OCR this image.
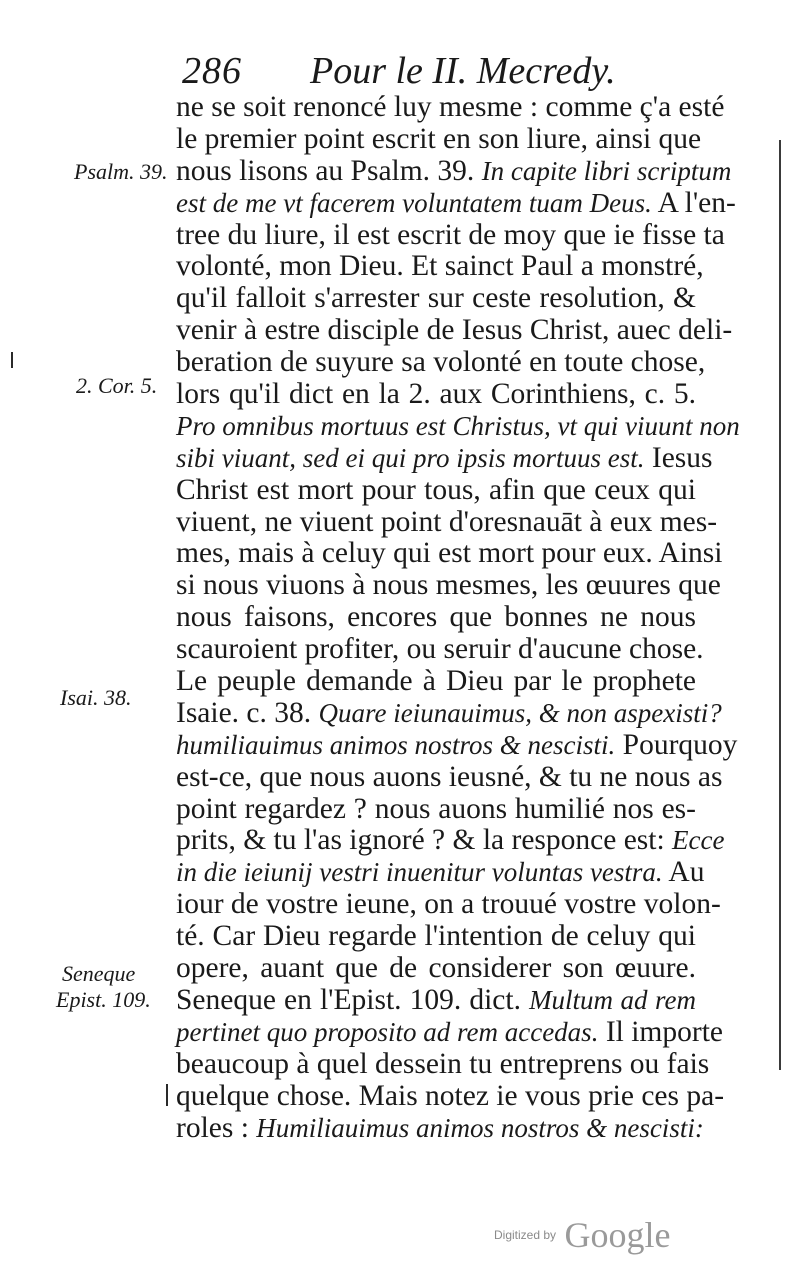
286 Pour le II. Mecredy.
ne se soit renoncé luy mesme : comme ç'a esté
le premier point escrit en son liure, ainsi que
nous lisons au Psalm. 39. In capite libri scriptum
est de me vt facerem voluntatem tuam Deus. A l'en-
tree du liure, il est escrit de moy que ie fisse ta
volonté, mon Dieu. Et sainct Paul a monstré,
qu'il falloit s'arrester sur ceste resolution, &
venir à estre disciple de Iesus Christ, auec deli-
beration de suyure sa volonté en toute chose,
lors qu'il dict en la 2. aux Corinthiens, c. 5.
Pro omnibus mortuus est Christus, vt qui viuunt non
sibi viuant, sed ei qui pro ipsis mortuus est. Iesus
Christ est mort pour tous, afin que ceux qui
viuent, ne viuent point d'oresnauāt à eux mes-
mes, mais à celuy qui est mort pour eux. Ainsi
si nous viuons à nous mesmes, les œuures que
nous faisons, encores que bonnes ne nous
scauroient profiter, ou seruir d'aucune chose.
Le peuple demande à Dieu par le prophete
Isaie. c. 38. Quare ieiunauimus, & non aspexisti?
humiliauimus animos nostros & nescisti. Pourquoy
est-ce, que nous auons ieusné, & tu ne nous as
point regardez ? nous auons humilié nos es-
prits, & tu l'as ignoré ? & la responce est: Ecce
in die ieiunij vestri inuenitur voluntas vestra. Au
iour de vostre ieune, on a trouué vostre volon-
té. Car Dieu regarde l'intention de celuy qui
opere, auant que de considerer son œuure.
Seneque en l'Epist. 109. dict. Multum ad rem
pertinet quo proposito ad rem accedas. Il importe
beaucoup à quel dessein tu entreprens ou fais
quelque chose. Mais notez ie vous prie ces pa-
roles : Humiliauimus animos nostros & nescisti:
Psalm. 39.
2. Cor. 5.
Isai. 38.
Seneque
Epist. 109.
Digitized by Google
